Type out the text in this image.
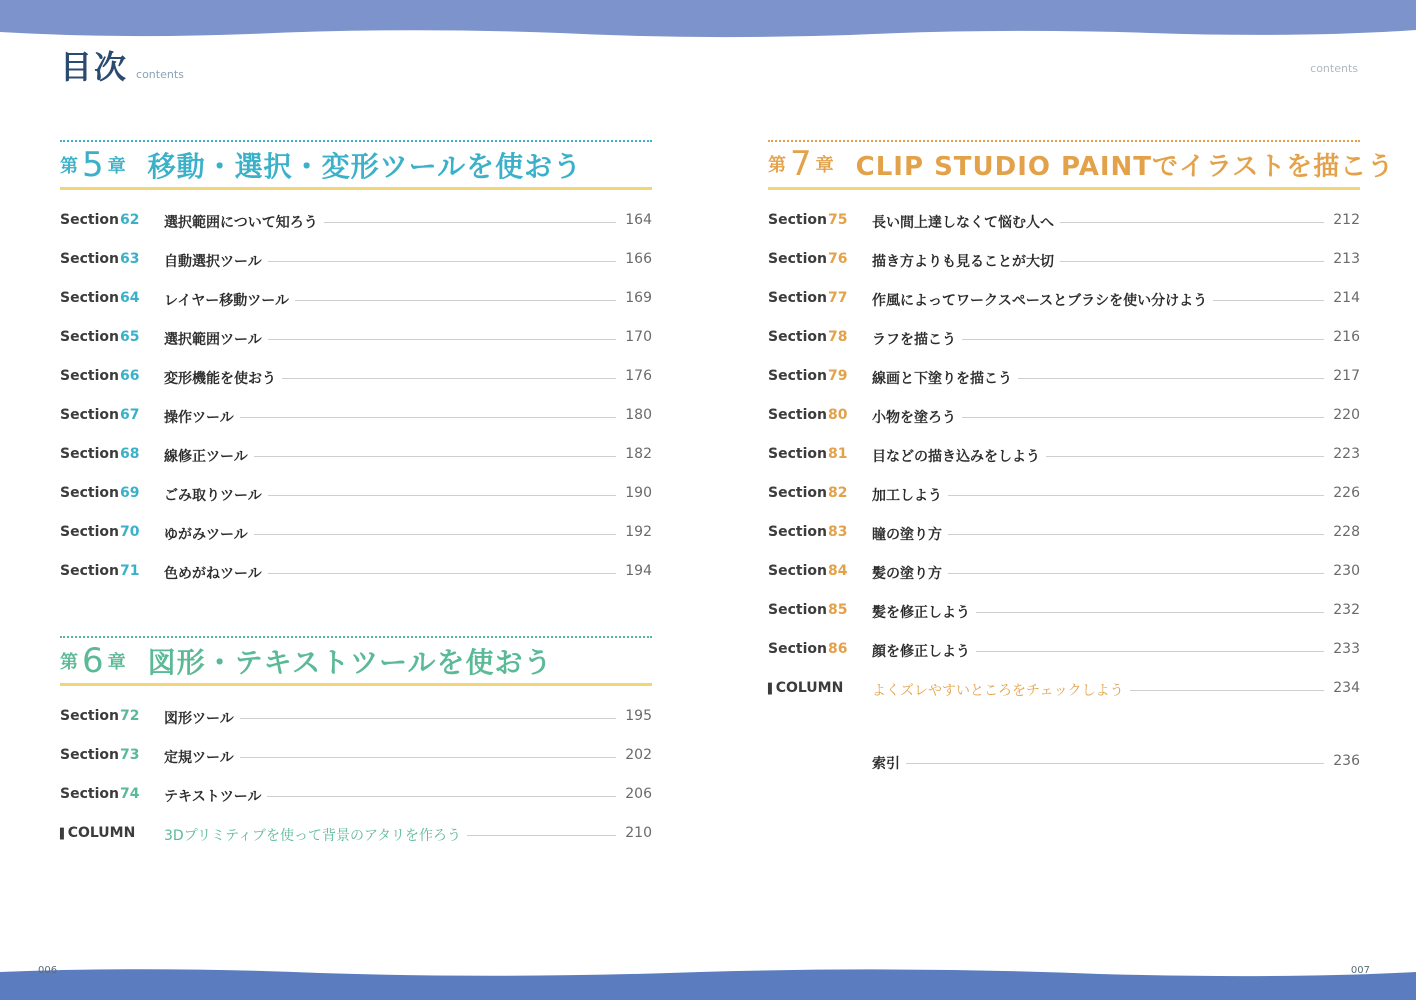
目次 contents	contents
第 5 章 移動・選択・変形ツールを使おう
Section 62	選択範囲について知ろう	164
Section 63	自動選択ツール	166
Section 64	レイヤー移動ツール	169
Section 65	選択範囲ツール	170
Section 66	変形機能を使おう	176
Section 67	操作ツール	180
Section 68	線修正ツール	182
Section 69	ごみ取りツール	190
Section 70	ゆがみツール	192
Section 71	色めがねツール	194
第 6 章 図形・テキストツールを使おう
Section 72	図形ツール	195
Section 73	定規ツール	202
Section 74	テキストツール	206
▌COLUMN	3Dプリミティブを使って背景のアタリを作ろう	210
第 7 章 CLIP STUDIO PAINTでイラストを描こう
Section 75	長い間上達しなくて悩む人へ	212
Section 76	描き方よりも見ることが大切	213
Section 77	作風によってワークスペースとブラシを使い分けよう	214
Section 78	ラフを描こう	216
Section 79	線画と下塗りを描こう	217
Section 80	小物を塗ろう	220
Section 81	目などの描き込みをしよう	223
Section 82	加工しよう	226
Section 83	瞳の塗り方	228
Section 84	髪の塗り方	230
Section 85	髪を修正しよう	232
Section 86	顔を修正しよう	233
▌COLUMN	よくズレやすいところをチェックしよう	234
索引	236
006	007
